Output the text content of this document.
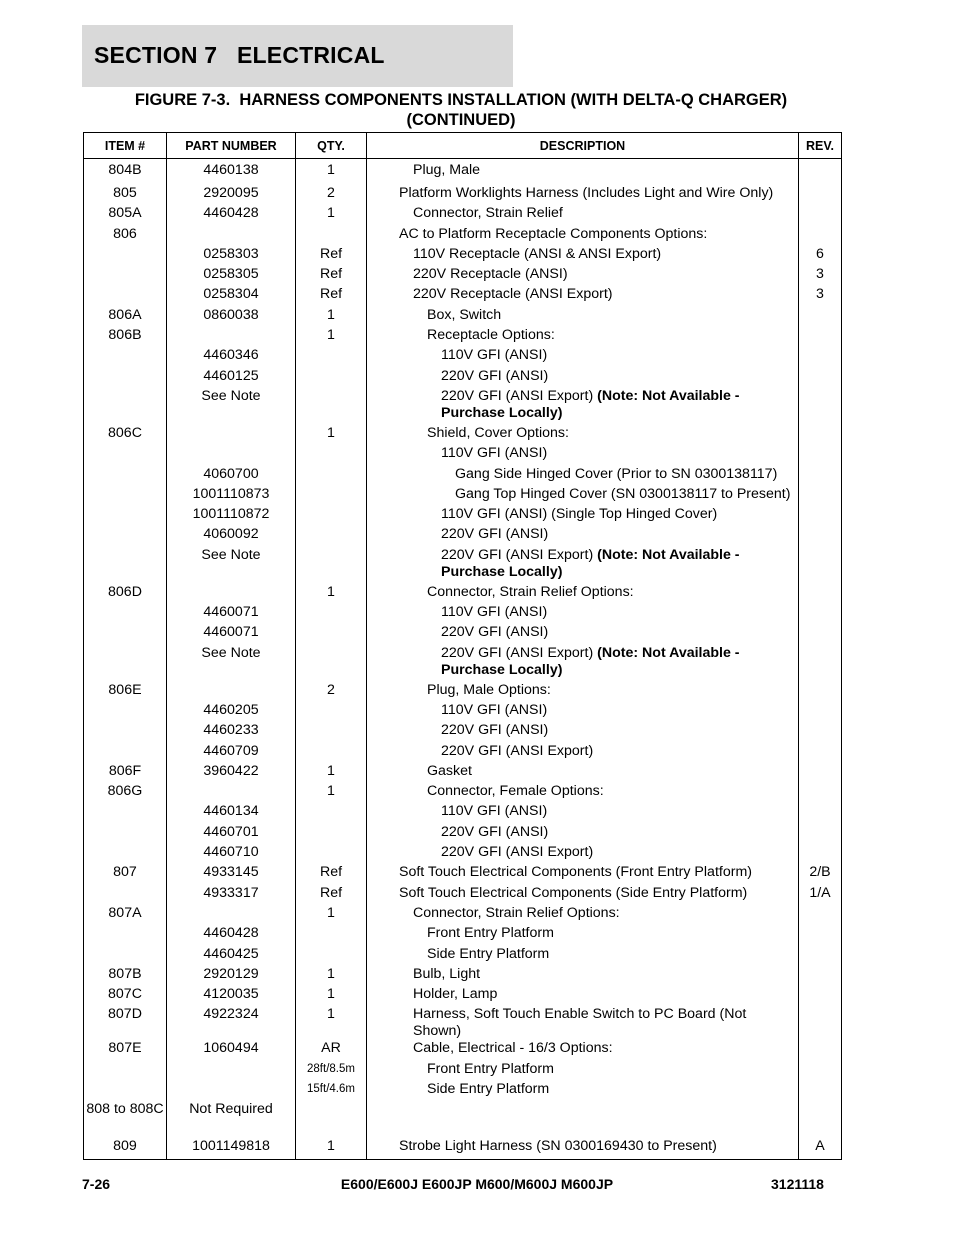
SECTION 7   ELECTRICAL
FIGURE 7-3.  HARNESS COMPONENTS INSTALLATION (WITH DELTA-Q CHARGER)
(CONTINUED)
ITEM #	PART NUMBER	QTY.	DESCRIPTION	REV.
804B	4460138	1	Plug, Male	
805	2920095	2	Platform Worklights Harness (Includes Light and Wire Only)	
805A	4460428	1	Connector, Strain Relief	
806			AC to Platform Receptacle Components Options:	
	0258303	Ref	110V Receptacle (ANSI & ANSI Export)	6
	0258305	Ref	220V Receptacle (ANSI)	3
	0258304	Ref	220V Receptacle (ANSI Export)	3
806A	0860038	1	Box, Switch	
806B		1	Receptacle Options:	
	4460346		110V GFI (ANSI)	
	4460125		220V GFI (ANSI)	
	See Note		220V GFI (ANSI Export) (Note: Not Available - Purchase Locally)	
806C		1	Shield, Cover Options:	
			110V GFI (ANSI)	
	4060700		Gang Side Hinged Cover (Prior to SN 0300138117)	
	1001110873		Gang Top Hinged Cover (SN 0300138117 to Present)	
	1001110872		110V GFI (ANSI) (Single Top Hinged Cover)	
	4060092		220V GFI (ANSI)	
	See Note		220V GFI (ANSI Export) (Note: Not Available - Purchase Locally)	
806D		1	Connector, Strain Relief Options:	
	4460071		110V GFI (ANSI)	
	4460071		220V GFI (ANSI)	
	See Note		220V GFI (ANSI Export) (Note: Not Available - Purchase Locally)	
806E		2	Plug, Male Options:	
	4460205		110V GFI (ANSI)	
	4460233		220V GFI (ANSI)	
	4460709		220V GFI (ANSI Export)	
806F	3960422	1	Gasket	
806G		1	Connector, Female Options:	
	4460134		110V GFI (ANSI)	
	4460701		220V GFI (ANSI)	
	4460710		220V GFI (ANSI Export)	
807	4933145	Ref	Soft Touch Electrical Components (Front Entry Platform)	2/B
	4933317	Ref	Soft Touch Electrical Components (Side Entry Platform)	1/A
807A		1	Connector, Strain Relief Options:	
	4460428		Front Entry Platform	
	4460425		Side Entry Platform	
807B	2920129	1	Bulb, Light	
807C	4120035	1	Holder, Lamp	
807D	4922324	1	Harness, Soft Touch Enable Switch to PC Board (Not Shown)	
807E	1060494	AR	Cable, Electrical - 16/3 Options:	
		28ft/8.5m	Front Entry Platform	
		15ft/4.6m	Side Entry Platform	
808 to 808C	Not Required			
809	1001149818	1	Strobe Light Harness (SN 0300169430 to Present)	A
7-26	E600/E600J E600JP M600/M600J M600JP	3121118
